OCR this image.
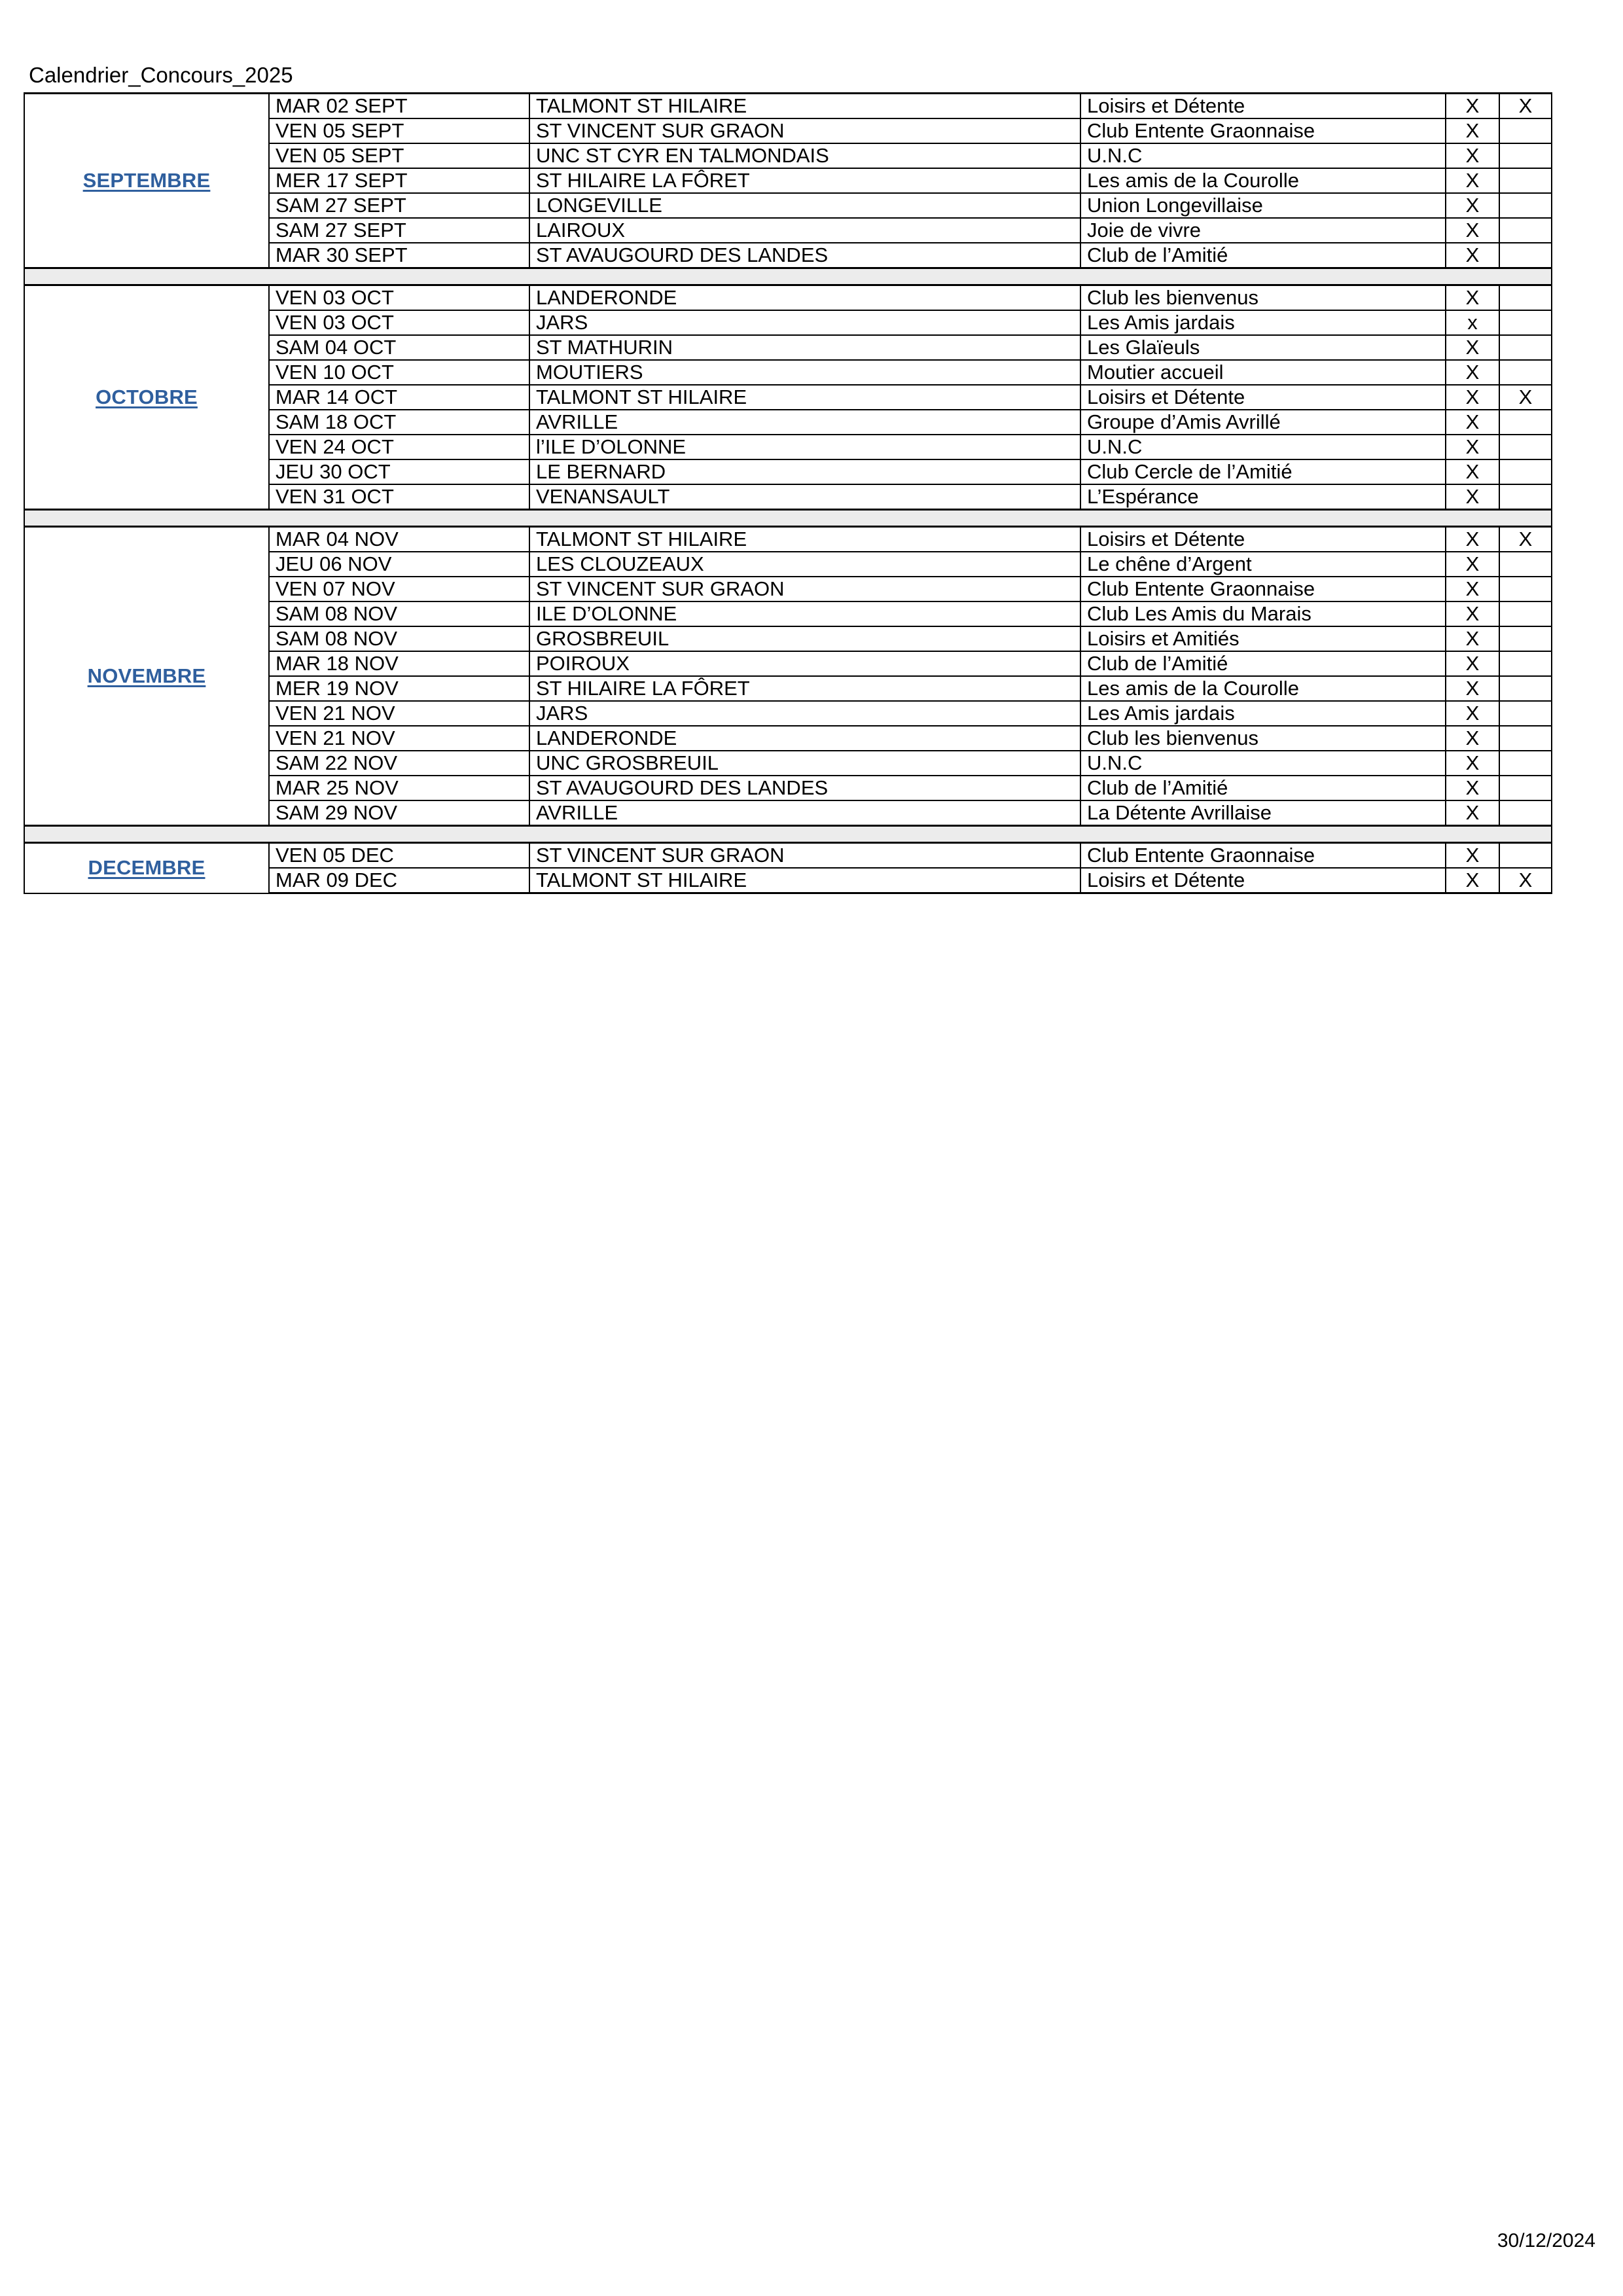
Calendrier_Concours_2025
SEPTEMBRE	MAR 02 SEPT	TALMONT ST HILAIRE	Loisirs et Détente	X	X
	VEN 05 SEPT	ST VINCENT SUR GRAON	Club Entente Graonnaise	X	
	VEN 05 SEPT	UNC ST CYR EN TALMONDAIS	U.N.C	X	
	MER 17 SEPT	ST HILAIRE LA FÔRET	Les amis de la Courolle	X	
	SAM 27 SEPT	LONGEVILLE	Union Longevillaise	X	
	SAM 27 SEPT	LAIROUX	Joie de vivre	X	
	MAR 30 SEPT	ST AVAUGOURD DES LANDES	Club de l’Amitié	X	

OCTOBRE	VEN 03 OCT	LANDERONDE	Club les bienvenus	X	
	VEN 03 OCT	JARS	Les Amis jardais	x	
	SAM 04 OCT	ST MATHURIN	Les Glaïeuls	X	
	VEN 10 OCT	MOUTIERS	Moutier accueil	X	
	MAR 14 OCT	TALMONT ST HILAIRE	Loisirs et Détente	X	X
	SAM 18 OCT	AVRILLE	Groupe d’Amis Avrillé	X	
	VEN 24 OCT	l’ILE D’OLONNE	U.N.C	X	
	JEU 30 OCT	LE BERNARD	Club Cercle de l’Amitié	X	
	VEN 31 OCT	VENANSAULT	L’Espérance	X	

NOVEMBRE	MAR 04 NOV	TALMONT ST HILAIRE	Loisirs et Détente	X	X
	JEU 06 NOV	LES CLOUZEAUX	Le chêne d’Argent	X	
	VEN 07 NOV	ST VINCENT SUR GRAON	Club Entente Graonnaise	X	
	SAM 08 NOV	ILE D’OLONNE	Club Les Amis du Marais	X	
	SAM 08 NOV	GROSBREUIL	Loisirs et Amitiés	X	
	MAR 18 NOV	POIROUX	Club de l’Amitié	X	
	MER 19 NOV	ST HILAIRE LA FÔRET	Les amis de la Courolle	X	
	VEN 21 NOV	JARS	Les Amis jardais	X	
	VEN 21 NOV	LANDERONDE	Club les bienvenus	X	
	SAM 22 NOV	UNC GROSBREUIL	U.N.C	X	
	MAR 25 NOV	ST AVAUGOURD DES LANDES	Club de l’Amitié	X	
	SAM 29 NOV	AVRILLE	La Détente Avrillaise	X	

DECEMBRE	VEN 05 DEC	ST VINCENT SUR GRAON	Club Entente Graonnaise	X	
	MAR 09 DEC	TALMONT ST HILAIRE	Loisirs et Détente	X	X
30/12/2024
